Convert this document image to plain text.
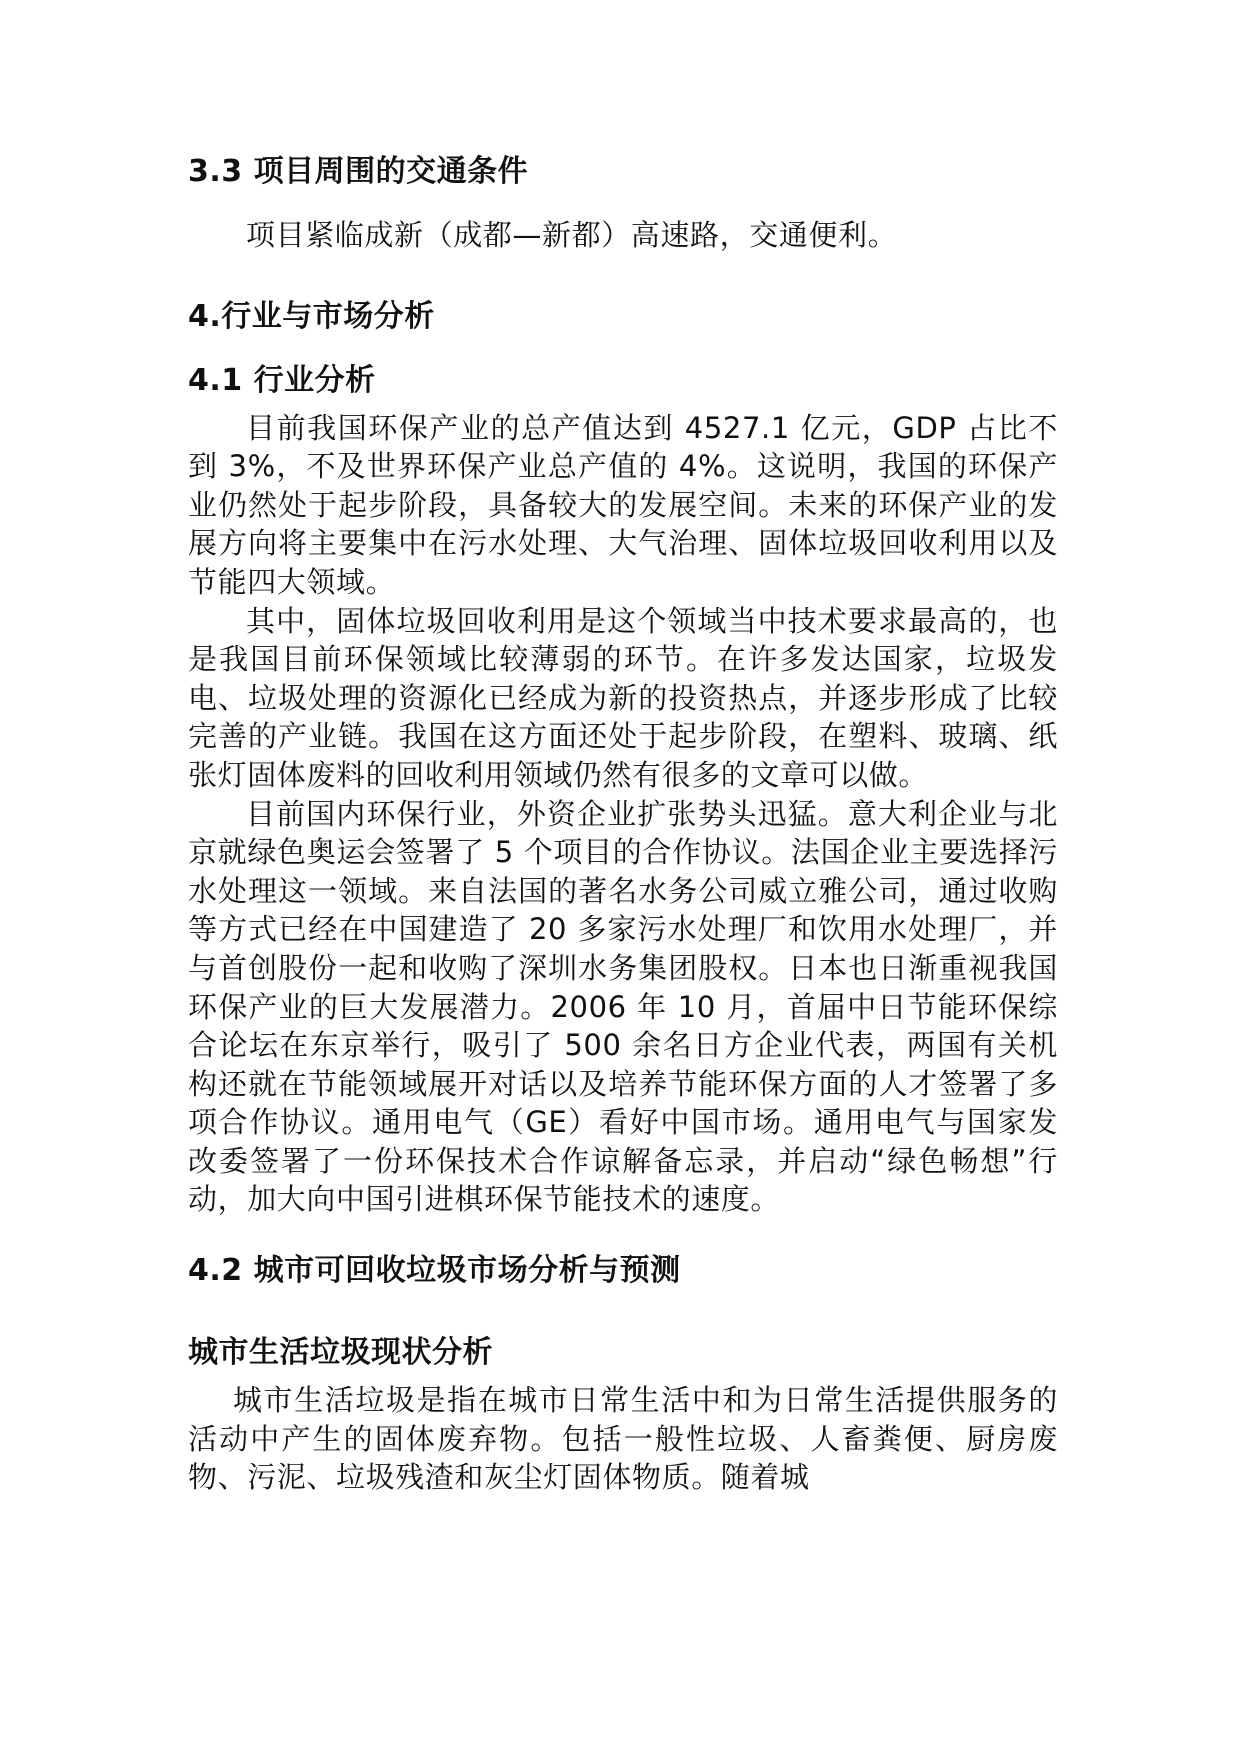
3.3 项目周围的交通条件

项目紧临成新（成都—新都）高速路，交通便利。

4.行业与市场分析
4.1 行业分析

目前我国环保产业的总产值达到 4527.1 亿元，GDP 占比不到 3%，不及世界环保产业总产值的 4%。这说明，我国的环保产业仍然处于起步阶段，具备较大的发展空间。未来的环保产业的发展方向将主要集中在污水处理、大气治理、固体垃圾回收利用以及节能四大领域。

其中，固体垃圾回收利用是这个领域当中技术要求最高的，也是我国目前环保领域比较薄弱的环节。在许多发达国家，垃圾发电、垃圾处理的资源化已经成为新的投资热点，并逐步形成了比较完善的产业链。我国在这方面还处于起步阶段，在塑料、玻璃、纸张灯固体废料的回收利用领域仍然有很多的文章可以做。

目前国内环保行业，外资企业扩张势头迅猛。意大利企业与北京就绿色奥运会签署了 5 个项目的合作协议。法国企业主要选择污水处理这一领域。来自法国的著名水务公司威立雅公司，通过收购等方式已经在中国建造了 20 多家污水处理厂和饮用水处理厂，并与首创股份一起和收购了深圳水务集团股权。日本也日渐重视我国环保产业的巨大发展潜力。2006 年 10 月，首届中日节能环保综合论坛在东京举行，吸引了 500 余名日方企业代表，两国有关机构还就在节能领域展开对话以及培养节能环保方面的人才签署了多项合作协议。通用电气（GE）看好中国市场。通用电气与国家发改委签署了一份环保技术合作谅解备忘录，并启动“绿色畅想”行动，加大向中国引进棋环保节能技术的速度。

4.2 城市可回收垃圾市场分析与预测
城市生活垃圾现状分析

城市生活垃圾是指在城市日常生活中和为日常生活提供服务的活动中产生的固体废弃物。包括一般性垃圾、人畜粪便、厨房废物、污泥、垃圾残渣和灰尘灯固体物质。随着城
